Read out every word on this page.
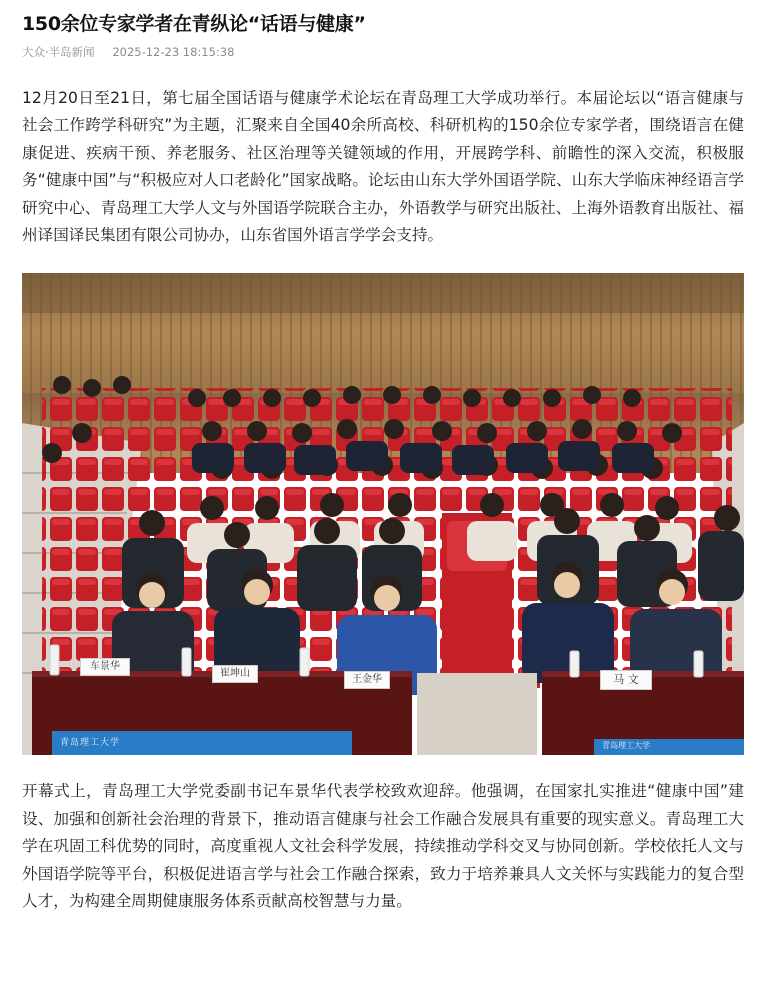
150余位专家学者在青纵论“话语与健康”
大众·半岛新闻 2025-12-23 18:15:38

12月20日至21日，第七届全国话语与健康学术论坛在青岛理工大学成功举行。本届论坛以“语言健康与社会工作跨学科研究”为主题，汇聚来自全国40余所高校、科研机构的150余位专家学者，围绕语言在健康促进、疾病干预、养老服务、社区治理等关键领域的作用，开展跨学科、前瞻性的深入交流，积极服务“健康中国”与“积极应对人口老龄化”国家战略。论坛由山东大学外国语学院、山东大学临床神经语言学研究中心、青岛理工大学人文与外国语学院联合主办，外语教学与研究出版社、上海外语教育出版社、福州译国译民集团有限公司协办，山东省国外语言学学会支持。

车景华
崔坤山
王金华	马 文
青岛理工大学	青岛理工大学

开幕式上，青岛理工大学党委副书记车景华代表学校致欢迎辞。他强调，在国家扎实推进“健康中国”建设、加强和创新社会治理的背景下，推动语言健康与社会工作融合发展具有重要的现实意义。青岛理工大学在巩固工科优势的同时，高度重视人文社会科学发展，持续推动学科交叉与协同创新。学校依托人文与外国语学院等平台，积极促进语言学与社会工作融合探索，致力于培养兼具人文关怀与实践能力的复合型人才，为构建全周期健康服务体系贡献高校智慧与力量。
